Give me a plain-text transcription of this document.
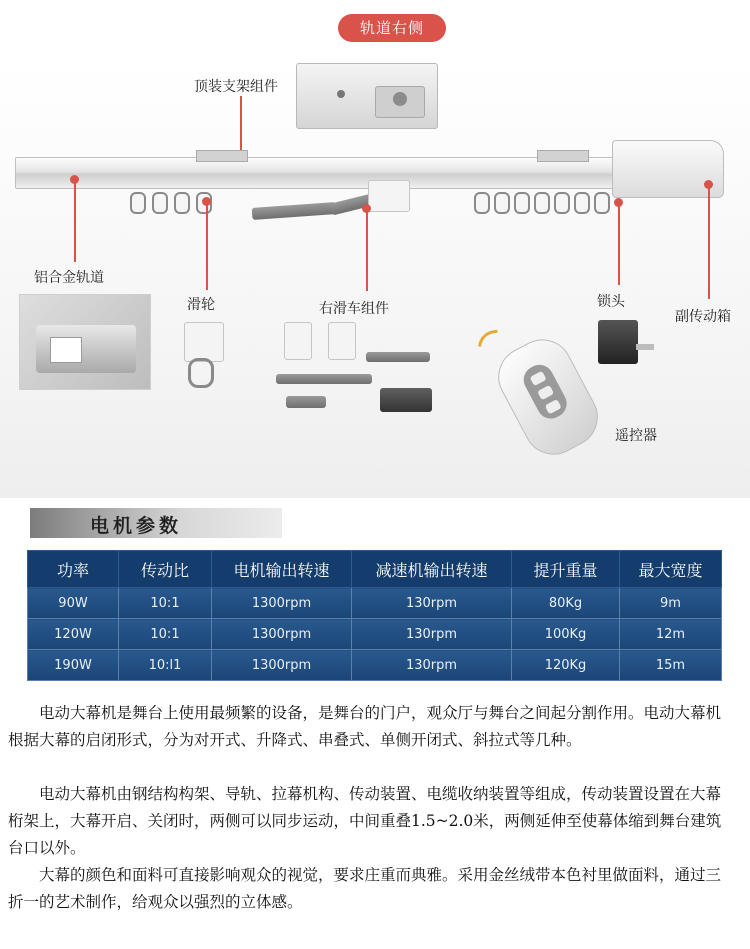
轨道右侧
顶装支架组件
铝合金轨道
滑轮	右滑车组件	锁头
副传动箱
遥控器
电机参数
功率	传动比	电机输出转速	减速机输出转速	提升重量	最大宽度
90W	10:1	1300rpm	130rpm	80Kg	9m
120W	10:1	1300rpm	130rpm	100Kg	12m
190W	10:l1	1300rpm	130rpm	120Kg	15m
　　电动大幕机是舞台上使用最频繁的设备，是舞台的门户，观众厅与舞台之间起分割作用。电动大幕机根据大幕的启闭形式，分为对开式、升降式、串叠式、单侧开闭式、斜拉式等几种。
　　电动大幕机由钢结构构架、导轨、拉幕机构、传动装置、电缆收纳装置等组成，传动装置设置在大幕桁架上，大幕开启、关闭时，两侧可以同步运动，中间重叠1.5~2.0米，两侧延伸至使幕体缩到舞台建筑台口以外。
　　大幕的颜色和面料可直接影响观众的视觉，要求庄重而典雅。采用金丝绒带本色衬里做面料，通过三折一的艺术制作，给观众以强烈的立体感。
